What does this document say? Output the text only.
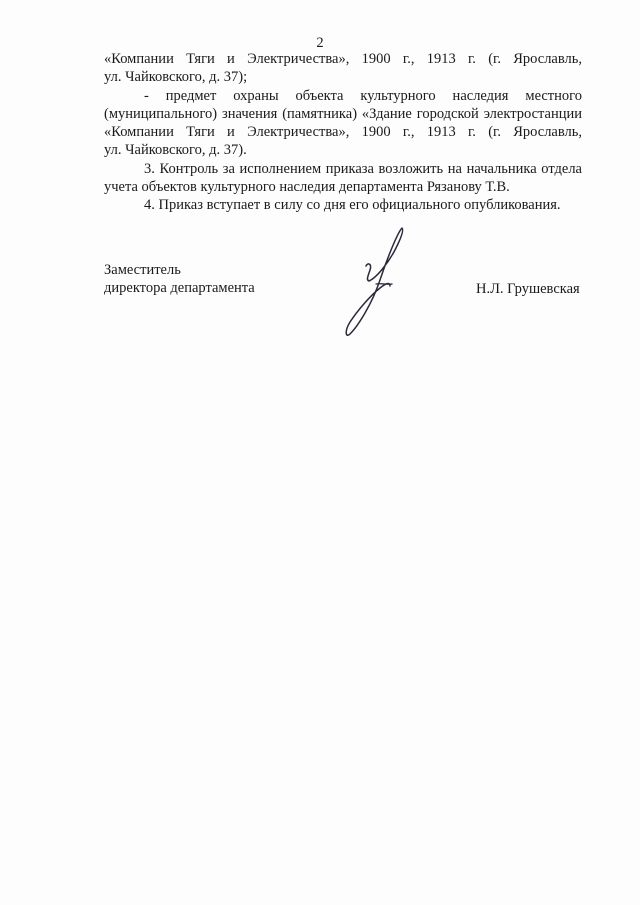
2
«Компании Тяги и Электричества», 1900 г., 1913 г. (г. Ярославль,
ул. Чайковского, д. 37);
- предмет охраны объекта культурного наследия местного
(муниципального) значения (памятника) «Здание городской электростанции
«Компании Тяги и Электричества», 1900 г., 1913 г. (г. Ярославль,
ул. Чайковского, д. 37).
3. Контроль за исполнением приказа возложить на начальника отдела
учета объектов культурного наследия департамента Рязанову Т.В.
4. Приказ вступает в силу со дня его официального опубликования.
Заместитель
директора департамента	Н.Л. Грушевская
